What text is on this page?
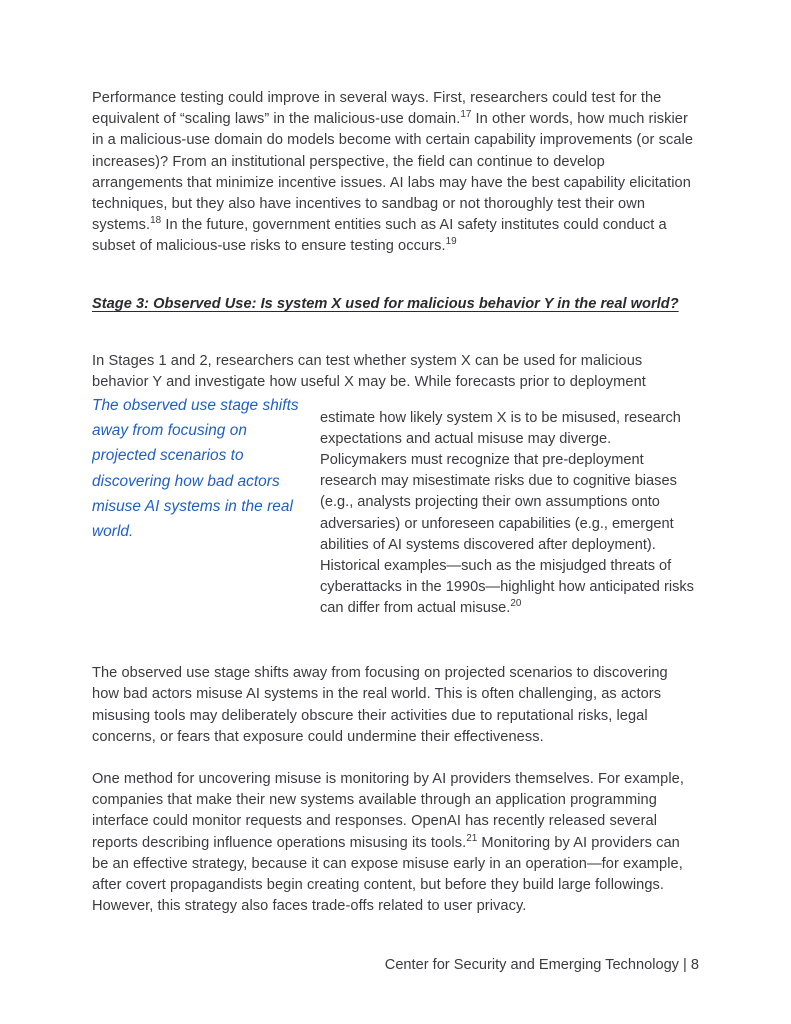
Performance testing could improve in several ways. First, researchers could test for the equivalent of “scaling laws” in the malicious-use domain.$^{17}$ In other words, how much riskier in a malicious-use domain do models become with certain capability improvements (or scale increases)? From an institutional perspective, the field can continue to develop arrangements that minimize incentive issues. AI labs may have the best capability elicitation techniques, but they also have incentives to sandbag or not thoroughly test their own systems.$^{18}$ In the future, government entities such as AI safety institutes could conduct a subset of malicious-use risks to ensure testing occurs.$^{19}$

Stage 3: Observed Use: Is system X used for malicious behavior Y in the real world?

In Stages 1 and 2, researchers can test whether system X can be used for malicious behavior Y and investigate how useful X may be. While forecasts prior to deployment

The observed use stage shifts away from focusing on projected scenarios to discovering how bad actors misuse AI systems in the real world.

estimate how likely system X is to be misused, research expectations and actual misuse may diverge. Policymakers must recognize that pre-deployment research may misestimate risks due to cognitive biases (e.g., analysts projecting their own assumptions onto adversaries) or unforeseen capabilities (e.g., emergent abilities of AI systems discovered after deployment). Historical examples—such as the misjudged threats of cyberattacks in the 1990s—highlight how anticipated risks can differ from actual misuse.$^{20}$

The observed use stage shifts away from focusing on projected scenarios to discovering how bad actors misuse AI systems in the real world. This is often challenging, as actors misusing tools may deliberately obscure their activities due to reputational risks, legal concerns, or fears that exposure could undermine their effectiveness.

One method for uncovering misuse is monitoring by AI providers themselves. For example, companies that make their new systems available through an application programming interface could monitor requests and responses. OpenAI has recently released several reports describing influence operations misusing its tools.$^{21}$ Monitoring by AI providers can be an effective strategy, because it can expose misuse early in an operation—for example, after covert propagandists begin creating content, but before they build large followings. However, this strategy also faces trade-offs related to user privacy.

Center for Security and Emerging Technology | 8
